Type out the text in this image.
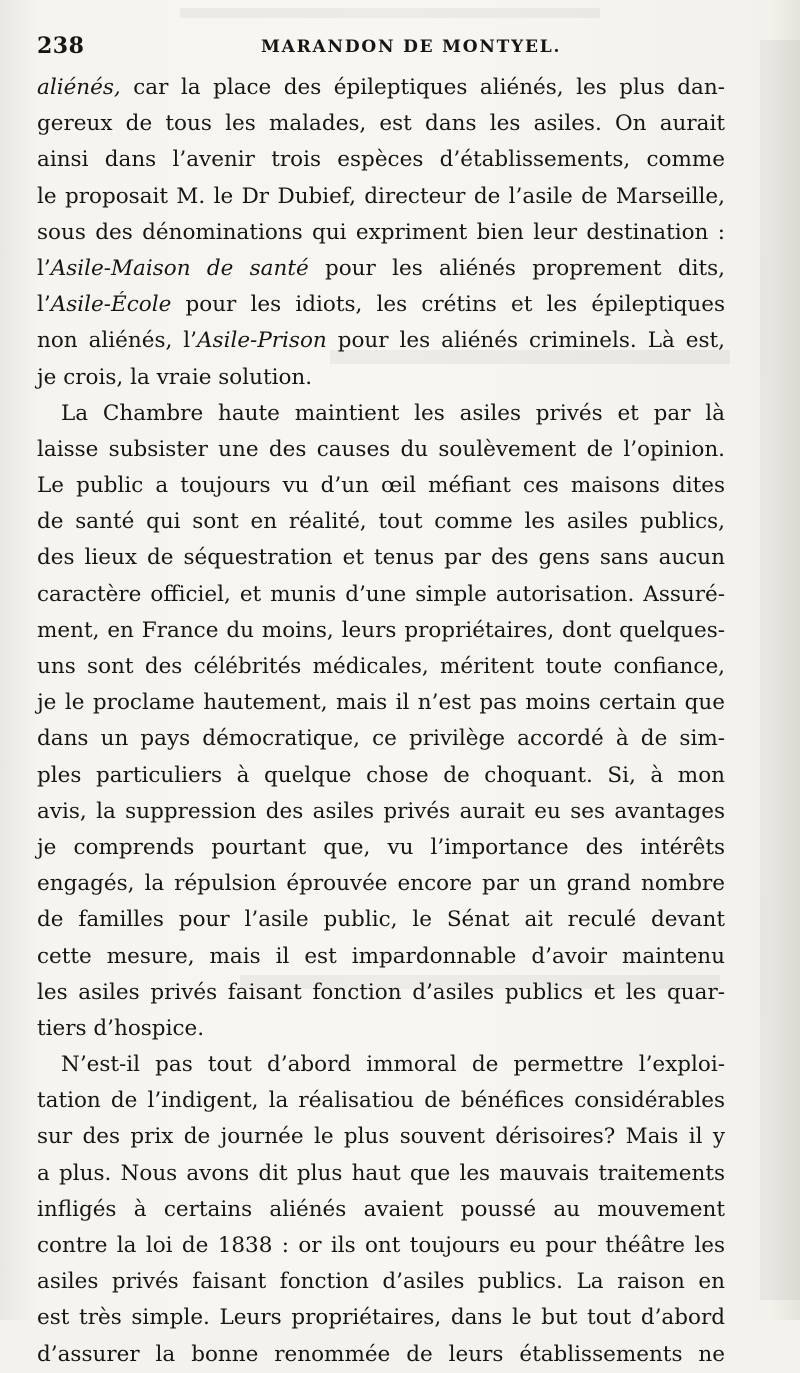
238	MARANDON DE MONTYEL.
aliénés, car la place des épileptiques aliénés, les plus dan-
gereux de tous les malades, est dans les asiles. On aurait
ainsi dans l’avenir trois espèces d’établissements, comme
le proposait M. le Dr Dubief, directeur de l’asile de Marseille,
sous des dénominations qui expriment bien leur destination :
l’Asile-Maison de santé pour les aliénés proprement dits,
l’Asile-École pour les idiots, les crétins et les épileptiques
non aliénés, l’Asile-Prison pour les aliénés criminels. Là est,
je crois, la vraie solution.
La Chambre haute maintient les asiles privés et par là
laisse subsister une des causes du soulèvement de l’opinion.
Le public a toujours vu d’un œil méfiant ces maisons dites
de santé qui sont en réalité, tout comme les asiles publics,
des lieux de séquestration et tenus par des gens sans aucun
caractère officiel, et munis d’une simple autorisation. Assuré-
ment, en France du moins, leurs propriétaires, dont quelques-
uns sont des célébrités médicales, méritent toute confiance,
je le proclame hautement, mais il n’est pas moins certain que
dans un pays démocratique, ce privilège accordé à de sim-
ples particuliers à quelque chose de choquant. Si, à mon
avis, la suppression des asiles privés aurait eu ses avantages
je comprends pourtant que, vu l’importance des intérêts
engagés, la répulsion éprouvée encore par un grand nombre
de familles pour l’asile public, le Sénat ait reculé devant
cette mesure, mais il est impardonnable d’avoir maintenu
les asiles privés faisant fonction d’asiles publics et les quar-
tiers d’hospice.
N’est-il pas tout d’abord immoral de permettre l’exploi-
tation de l’indigent, la réalisatiou de bénéfices considérables
sur des prix de journée le plus souvent dérisoires? Mais il y
a plus. Nous avons dit plus haut que les mauvais traitements
infligés à certains aliénés avaient poussé au mouvement
contre la loi de 1838 : or ils ont toujours eu pour théâtre les
asiles privés faisant fonction d’asiles publics. La raison en
est très simple. Leurs propriétaires, dans le but tout d’abord
d’assurer la bonne renommée de leurs établissements ne
